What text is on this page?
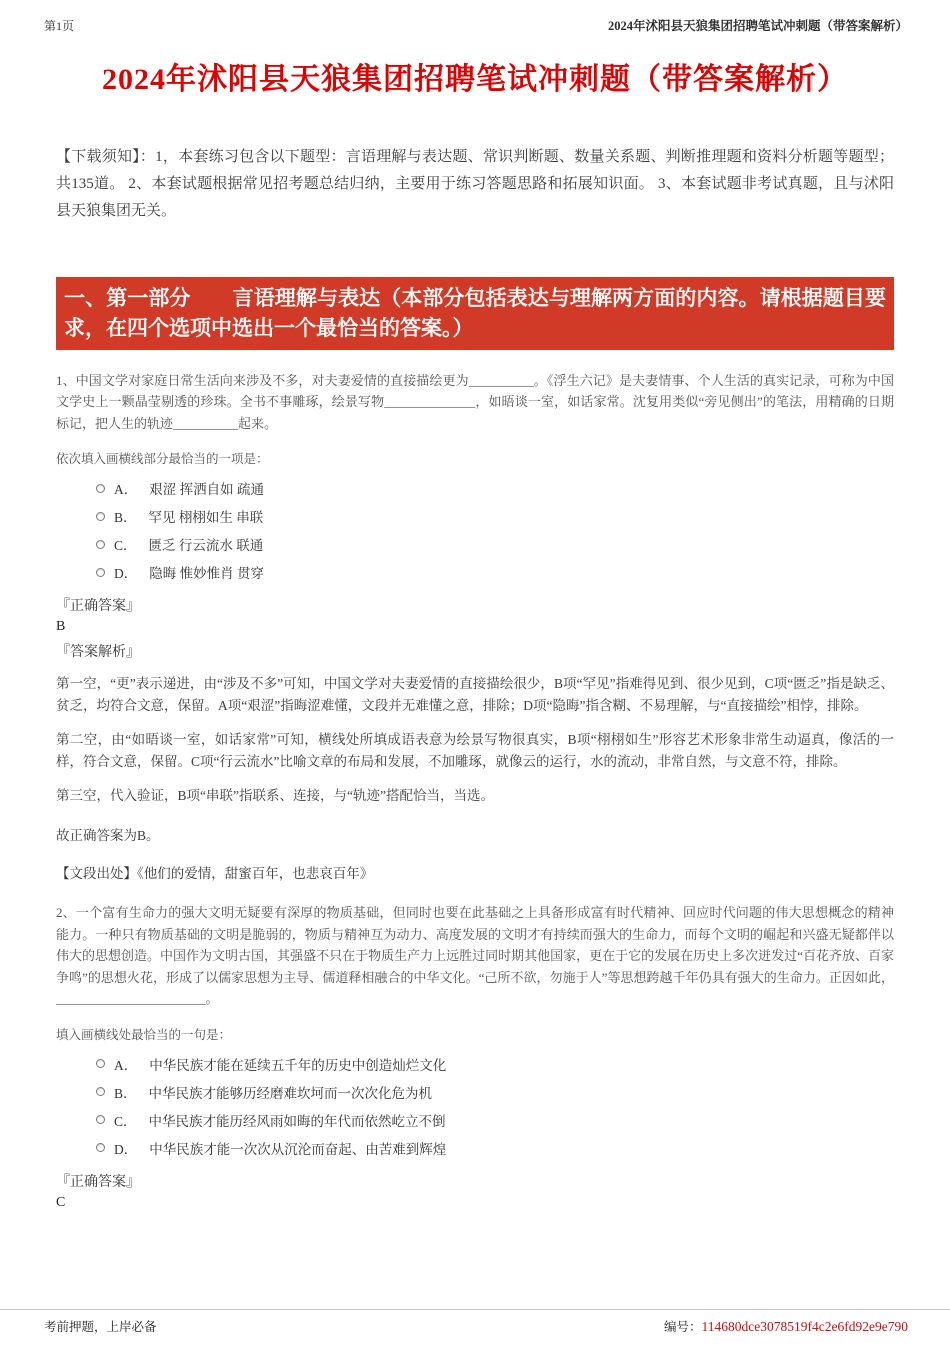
第1页	2024年沭阳县天狼集团招聘笔试冲刺题（带答案解析）
2024年沭阳县天狼集团招聘笔试冲刺题（带答案解析）

【下载须知】：1，本套练习包含以下题型：言语理解与表达题、常识判断题、数量关系题、判断推理题和资料分析题等题型；共135道。 2、本套试题根据常见招考题总结归纳，主要用于练习答题思路和拓展知识面。 3、本套试题非考试真题，且与沭阳县天狼集团无关。

一、第一部分　　言语理解与表达（本部分包括表达与理解两方面的内容。请根据题目要求，在四个选项中选出一个最恰当的答案。）

1、中国文学对家庭日常生活向来涉及不多，对夫妻爱情的直接描绘更为__________。《浮生六记》是夫妻情事、个人生活的真实记录，可称为中国文学史上一颗晶莹剔透的珍珠。全书不事雕琢，绘景写物______________，如晤谈一室，如话家常。沈复用类似“旁见侧出”的笔法，用精确的日期标记，把人生的轨迹__________起来。

依次填入画横线部分最恰当的一项是：

A． 艰涩 挥洒自如 疏通
B． 罕见 栩栩如生 串联
C． 匮乏 行云流水 联通
D． 隐晦 惟妙惟肖 贯穿
『正确答案』
B
『答案解析』

第一空，“更”表示递进，由“涉及不多”可知，中国文学对夫妻爱情的直接描绘很少，B项“罕见”指难得见到、很少见到，C项“匮乏”指是缺乏、贫乏，均符合文意，保留。A项“艰涩”指晦涩难懂，文段并无难懂之意，排除；D项“隐晦”指含糊、不易理解，与“直接描绘”相悖，排除。

第二空，由“如晤谈一室，如话家常”可知，横线处所填成语表意为绘景写物很真实，B项“栩栩如生”形容艺术形象非常生动逼真，像活的一样，符合文意，保留。C项“行云流水”比喻文章的布局和发展，不加雕琢，就像云的运行，水的流动，非常自然，与文意不符，排除。

第三空，代入验证，B项“串联”指联系、连接，与“轨迹”搭配恰当，当选。

故正确答案为B。
【文段出处】《他们的爱情，甜蜜百年，也悲哀百年》

2、一个富有生命力的强大文明无疑要有深厚的物质基础，但同时也要在此基础之上具备形成富有时代精神、回应时代问题的伟大思想概念的精神能力。一种只有物质基础的文明是脆弱的，物质与精神互为动力、高度发展的文明才有持续而强大的生命力，而每个文明的崛起和兴盛无疑都伴以伟大的思想创造。中国作为文明古国，其强盛不只在于物质生产力上远胜过同时期其他国家，更在于它的发展在历史上多次迸发过“百花齐放、百家争鸣”的思想火花，形成了以儒家思想为主导、儒道释相融合的中华文化。“己所不欲，勿施于人”等思想跨越千年仍具有强大的生命力。正因如此，_______________________。

填入画横线处最恰当的一句是：

A． 中华民族才能在延续五千年的历史中创造灿烂文化
B． 中华民族才能够历经磨难坎坷而一次次化危为机
C． 中华民族才能历经风雨如晦的年代而依然屹立不倒
D． 中华民族才能一次次从沉沦而奋起、由苦难到辉煌
『正确答案』
C
考前押题，上岸必备	编号：114680dce3078519f4c2e6fd92e9e790
